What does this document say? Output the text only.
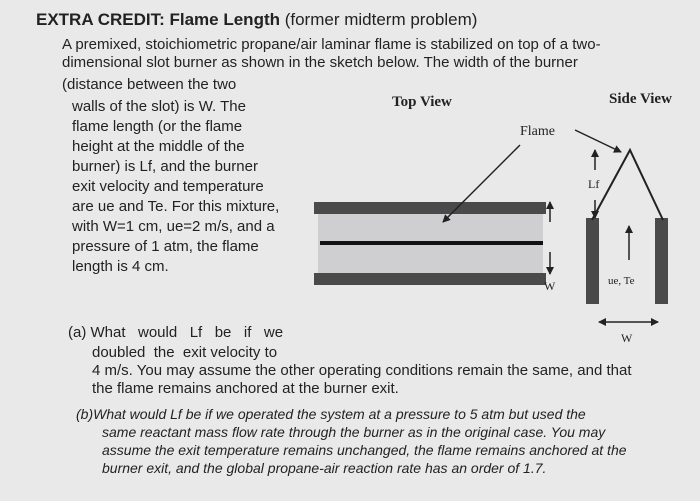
EXTRA CREDIT: Flame Length (former midterm problem)

A premixed, stoichiometric propane/air laminar flame is stabilized on top of a two-

dimensional slot burner as shown in the sketch below. The width of the burner

(distance between the two

walls of the slot) is W. The

flame length (or the flame

height at the middle of the

burner) is Lf, and the burner

exit velocity and temperature

are ue and Te. For this mixture,

with W=1 cm, ue=2 m/s, and a

pressure of 1 atm, the flame

length is 4 cm.

Top View	Side View
Flame
Lf
W	ue, Te
W

(a) What   would   Lf   be   if   we

doubled  the  exit velocity to

4 m/s. You may assume the other operating conditions remain the same, and that

the flame remains anchored at the burner exit.

(b)What would Lf be if we operated the system at a pressure to 5 atm but used the

same reactant mass flow rate through the burner as in the original case. You may

assume the exit temperature remains unchanged, the flame remains anchored at the

burner exit, and the global propane-air reaction rate has an order of 1.7.
